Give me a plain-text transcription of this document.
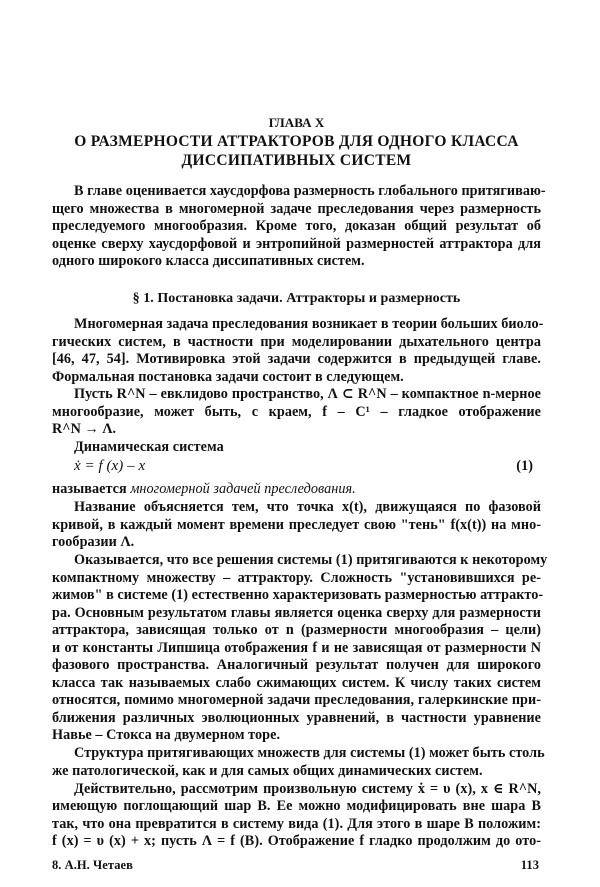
ГЛАВА X
О РАЗМЕРНОСТИ АТТРАКТОРОВ ДЛЯ ОДНОГО КЛАССА
ДИССИПАТИВНЫХ СИСТЕМ
В главе оценивается хаусдорфова размерность глобального притягиваю-
щего множества в многомерной задаче преследования через размерность
преследуемого многообразия. Кроме того, доказан общий результат об
оценке сверху хаусдорфовой и энтропийной размерностей аттрактора для
одного широкого класса диссипативных систем.
§ 1. Постановка задачи. Аттракторы и размерность
Многомерная задача преследования возникает в теории больших биоло-
гических систем, в частности при моделировании дыхательного центра
[46, 47, 54]. Мотивировка этой задачи содержится в предыдущей главе.
Формальная постановка задачи состоит в следующем.
Пусть R^N – евклидово пространство, Λ ⊂ R^N – компактное n-мерное
многообразие, может быть, с краем, f – C¹ – гладкое отображение
R^N → Λ.
Динамическая система
ẋ = f (x) – x	(1)
называется многомерной задачей преследования.
Название объясняется тем, что точка x(t), движущаяся по фазовой
кривой, в каждый момент времени преследует свою "тень" f(x(t)) на мно-
гообразии Λ.
Оказывается, что все решения системы (1) притягиваются к некоторому
компактному множеству – аттрактору. Сложность "установившихся ре-
жимов" в системе (1) естественно характеризовать размерностью аттракто-
ра. Основным результатом главы является оценка сверху для размерности
аттрактора, зависящая только от n (размерности многообразия – цели)
и от константы Липшица отображения f и не зависящая от размерности N
фазового пространства. Аналогичный результат получен для широкого
класса так называемых слабо сжимающих систем. К числу таких систем
относятся, помимо многомерной задачи преследования, галеркинские при-
ближения различных эволюционных уравнений, в частности уравнение
Навье – Стокса на двумерном торе.
Структура притягивающих множеств для системы (1) может быть столь
же патологической, как и для самых общих динамических систем.
Действительно, рассмотрим произвольную систему ẋ = υ (x), x ∈ R^N,
имеющую поглощающий шар B. Ее можно модифицировать вне шара B
так, что она превратится в систему вида (1). Для этого в шаре B положим:
f (x) = υ (x) + x; пусть Λ = f (B). Отображение f гладко продолжим до ото-
8. А.Н. Четаев	113
